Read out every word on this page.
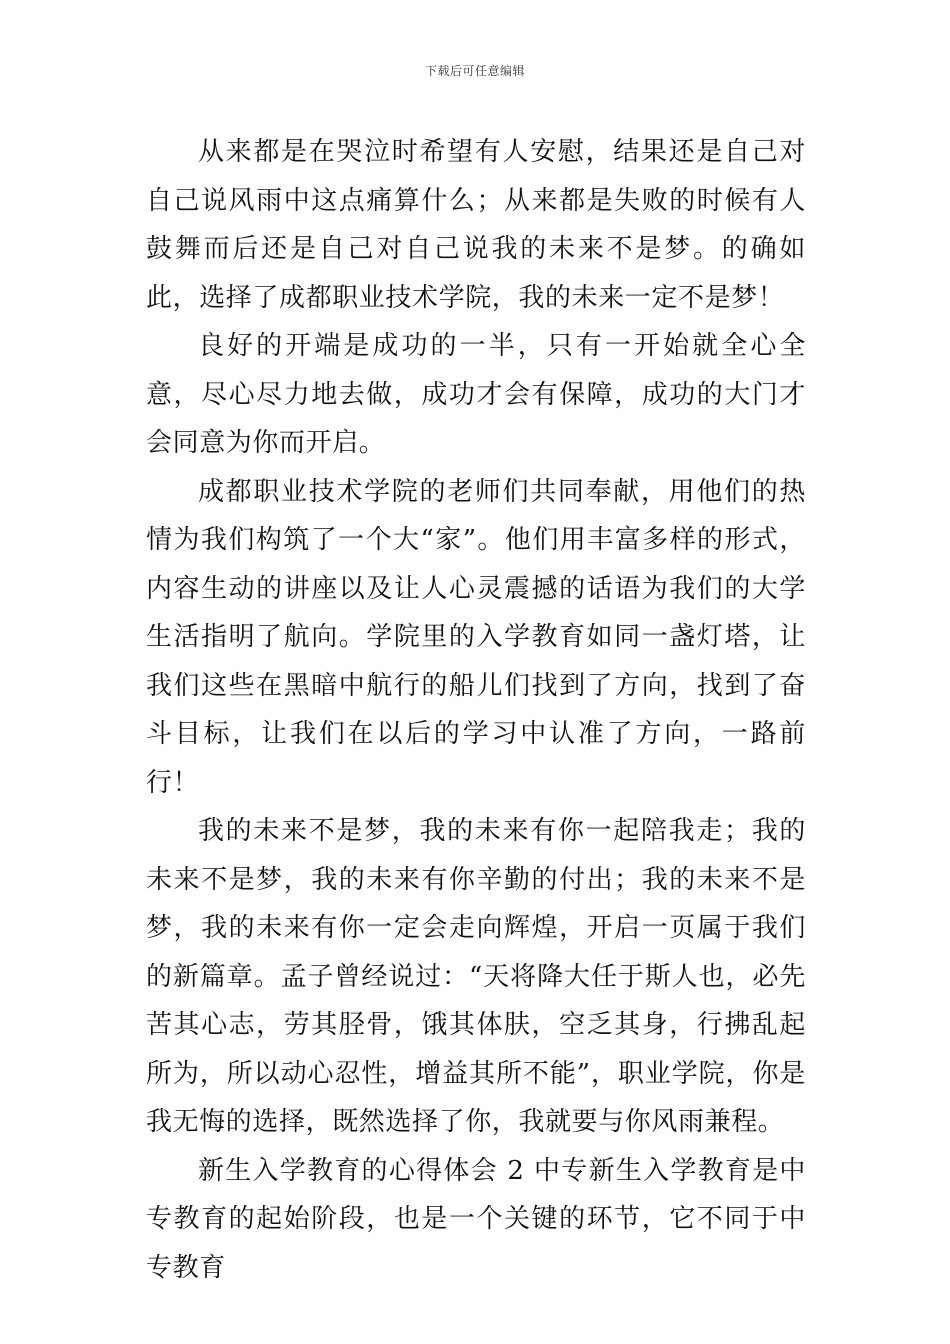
下载后可任意编辑

从来都是在哭泣时希望有人安慰，结果还是自己对自己说风雨中这点痛算什么；从来都是失败的时候有人鼓舞而后还是自己对自己说我的未来不是梦。的确如此，选择了成都职业技术学院，我的未来一定不是梦！

良好的开端是成功的一半，只有一开始就全心全意，尽心尽力地去做，成功才会有保障，成功的大门才会同意为你而开启。

成都职业技术学院的老师们共同奉献，用他们的热情为我们构筑了一个大“家”。他们用丰富多样的形式，内容生动的讲座以及让人心灵震撼的话语为我们的大学生活指明了航向。学院里的入学教育如同一盏灯塔，让我们这些在黑暗中航行的船儿们找到了方向，找到了奋斗目标，让我们在以后的学习中认准了方向，一路前行！

我的未来不是梦，我的未来有你一起陪我走；我的未来不是梦，我的未来有你辛勤的付出；我的未来不是梦，我的未来有你一定会走向辉煌，开启一页属于我们的新篇章。孟子曾经说过：“天将降大任于斯人也，必先苦其心志，劳其胫骨，饿其体肤，空乏其身，行拂乱起所为，所以动心忍性，增益其所不能”，职业学院，你是我无悔的选择，既然选择了你，我就要与你风雨兼程。

新生入学教育的心得体会 2 中专新生入学教育是中专教育的起始阶段，也是一个关键的环节，它不同于中专教育
